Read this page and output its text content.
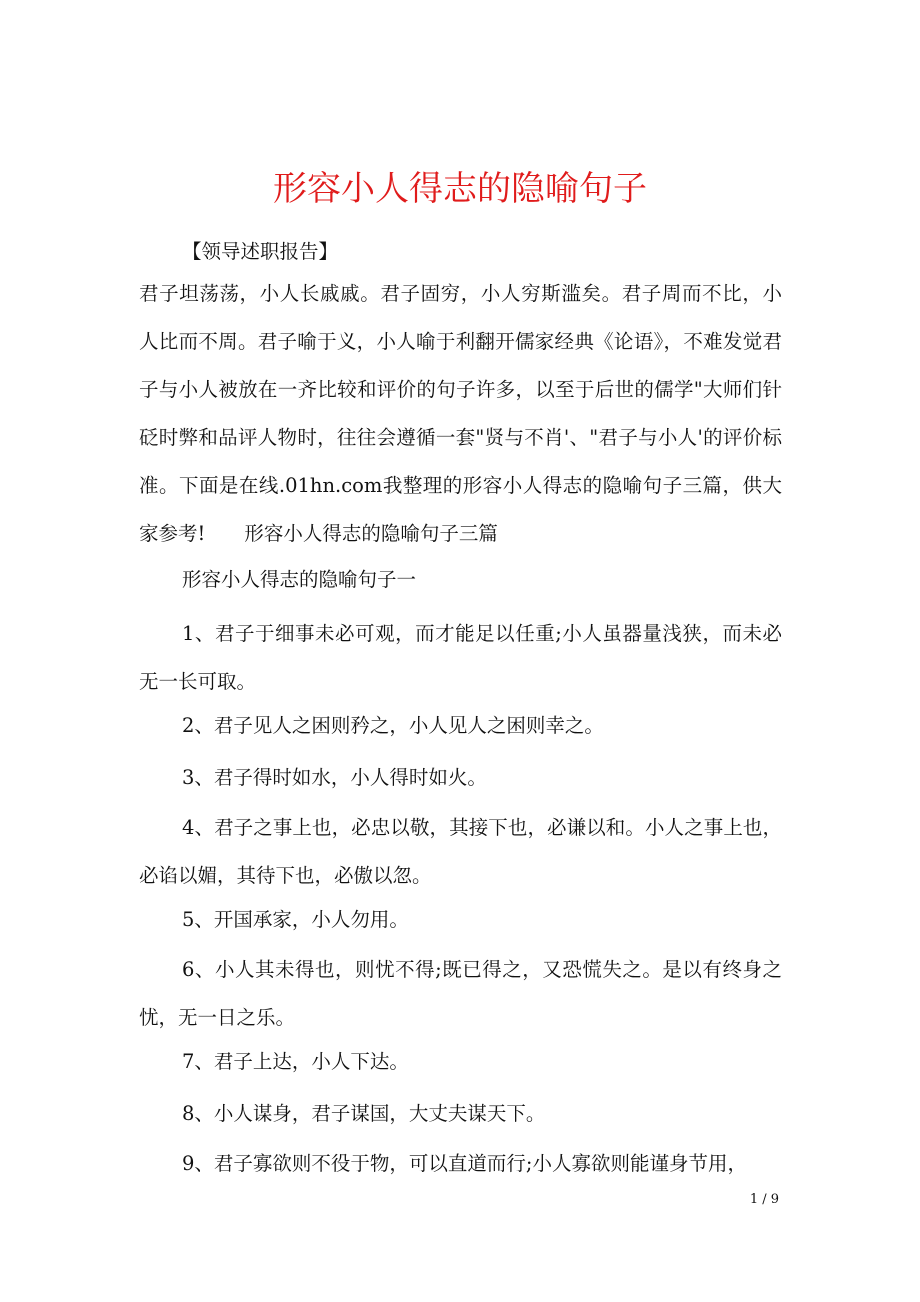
形容小人得志的隐喻句子

【领导述职报告】

君子坦荡荡，小人长戚戚。君子固穷，小人穷斯滥矣。君子周而不比，小人比而不周。君子喻于义，小人喻于利翻开儒家经典《论语》，不难发觉君子与小人被放在一齐比较和评价的句子许多，以至于后世的儒学"大师们针砭时弊和品评人物时，往往会遵循一套"贤与不肖'、"君子与小人'的评价标准。下面是在线.01hn.com我整理的形容小人得志的隐喻句子三篇，供大家参考!　　形容小人得志的隐喻句子三篇

形容小人得志的隐喻句子一

1、君子于细事未必可观，而才能足以任重;小人虽器量浅狭，而未必无一长可取。

2、君子见人之困则矜之，小人见人之困则幸之。

3、君子得时如水，小人得时如火。

4、君子之事上也，必忠以敬，其接下也，必谦以和。小人之事上也，必谄以媚，其待下也，必傲以忽。

5、开国承家，小人勿用。

6、小人其未得也，则忧不得;既已得之，又恐慌失之。是以有终身之忧，无一日之乐。

7、君子上达，小人下达。

8、小人谋身，君子谋国，大丈夫谋天下。

9、君子寡欲则不役于物，可以直道而行;小人寡欲则能谨身节用，

1 / 9
